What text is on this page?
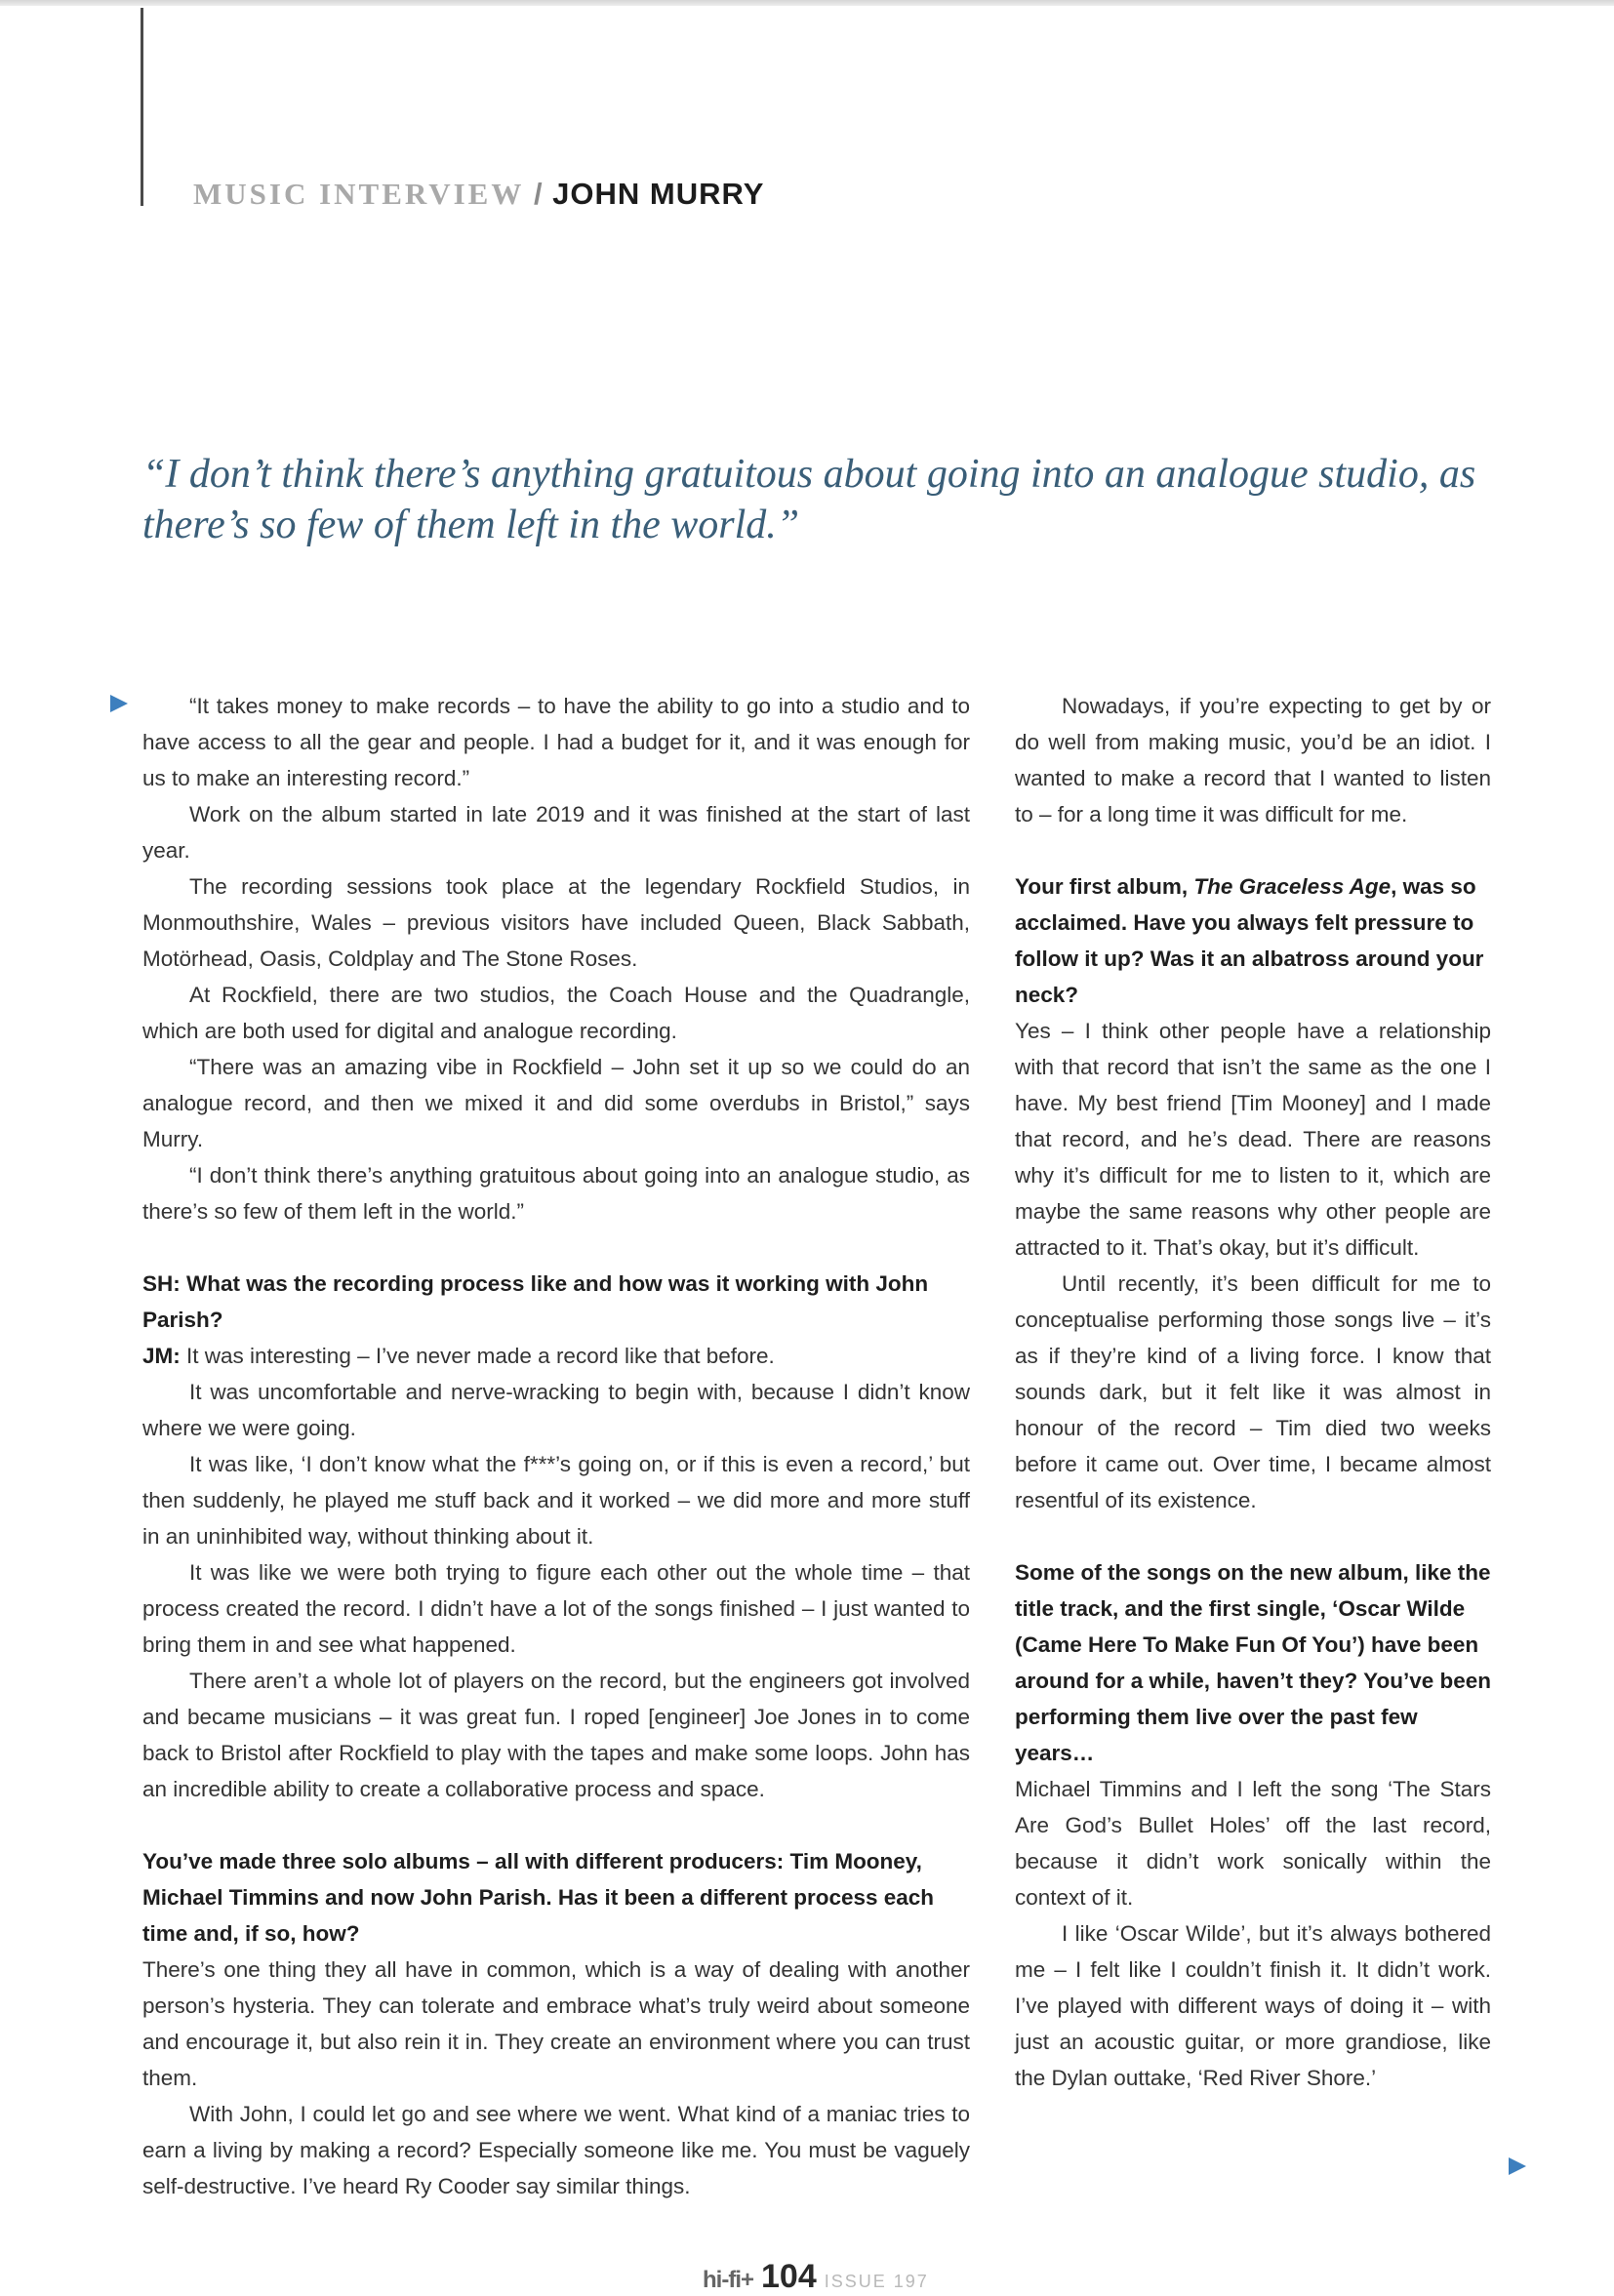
MUSIC INTERVIEW / JOHN MURRY

“I don’t think there’s anything gratuitous about going into an analogue studio, as there’s so few of them left in the world.”

“It takes money to make records – to have the ability to go into a studio and to have access to all the gear and people. I had a budget for it, and it was enough for us to make an interesting record.”

Work on the album started in late 2019 and it was finished at the start of last year.

The recording sessions took place at the legendary Rockfield Studios, in Monmouthshire, Wales – previous visitors have included Queen, Black Sabbath, Motörhead, Oasis, Coldplay and The Stone Roses.

At Rockfield, there are two studios, the Coach House and the Quadrangle, which are both used for digital and analogue recording.

“There was an amazing vibe in Rockfield – John set it up so we could do an analogue record, and then we mixed it and did some overdubs in Bristol,” says Murry.

“I don’t think there’s anything gratuitous about going into an analogue studio, as there’s so few of them left in the world.”

SH: What was the recording process like and how was it working with John Parish?

JM: It was interesting – I’ve never made a record like that before.

It was uncomfortable and nerve-wracking to begin with, because I didn’t know where we were going.

It was like, ‘I don’t know what the f***’s going on, or if this is even a record,’ but then suddenly, he played me stuff back and it worked – we did more and more stuff in an uninhibited way, without thinking about it.

It was like we were both trying to figure each other out the whole time – that process created the record. I didn’t have a lot of the songs finished – I just wanted to bring them in and see what happened.

There aren’t a whole lot of players on the record, but the engineers got involved and became musicians – it was great fun. I roped [engineer] Joe Jones in to come back to Bristol after Rockfield to play with the tapes and make some loops. John has an incredible ability to create a collaborative process and space.

You’ve made three solo albums – all with different producers: Tim Mooney, Michael Timmins and now John Parish. Has it been a different process each time and, if so, how?

There’s one thing they all have in common, which is a way of dealing with another person’s hysteria. They can tolerate and embrace what’s truly weird about someone and encourage it, but also rein it in. They create an environment where you can trust them.

With John, I could let go and see where we went. What kind of a maniac tries to earn a living by making a record? Especially someone like me. You must be vaguely self-destructive. I’ve heard Ry Cooder say similar things.

Nowadays, if you’re expecting to get by or do well from making music, you’d be an idiot. I wanted to make a record that I wanted to listen to – for a long time it was difficult for me.

Your first album, The Graceless Age, was so acclaimed. Have you always felt pressure to follow it up? Was it an albatross around your neck?

Yes – I think other people have a relationship with that record that isn’t the same as the one I have. My best friend [Tim Mooney] and I made that record, and he’s dead. There are reasons why it’s difficult for me to listen to it, which are maybe the same reasons why other people are attracted to it. That’s okay, but it’s difficult.

Until recently, it’s been difficult for me to conceptualise performing those songs live – it’s as if they’re kind of a living force. I know that sounds dark, but it felt like it was almost in honour of the record – Tim died two weeks before it came out. Over time, I became almost resentful of its existence.

Some of the songs on the new album, like the title track, and the first single, ‘Oscar Wilde (Came Here To Make Fun Of You’) have been around for a while, haven’t they? You’ve been performing them live over the past few years…

Michael Timmins and I left the song ‘The Stars Are God’s Bullet Holes’ off the last record, because it didn’t work sonically within the context of it.

I like ‘Oscar Wilde’, but it’s always bothered me – I felt like I couldn’t finish it. It didn’t work. I’ve played with different ways of doing it – with just an acoustic guitar, or more grandiose, like the Dylan outtake, ‘Red River Shore.’

hi-fi+ 104 ISSUE 197
